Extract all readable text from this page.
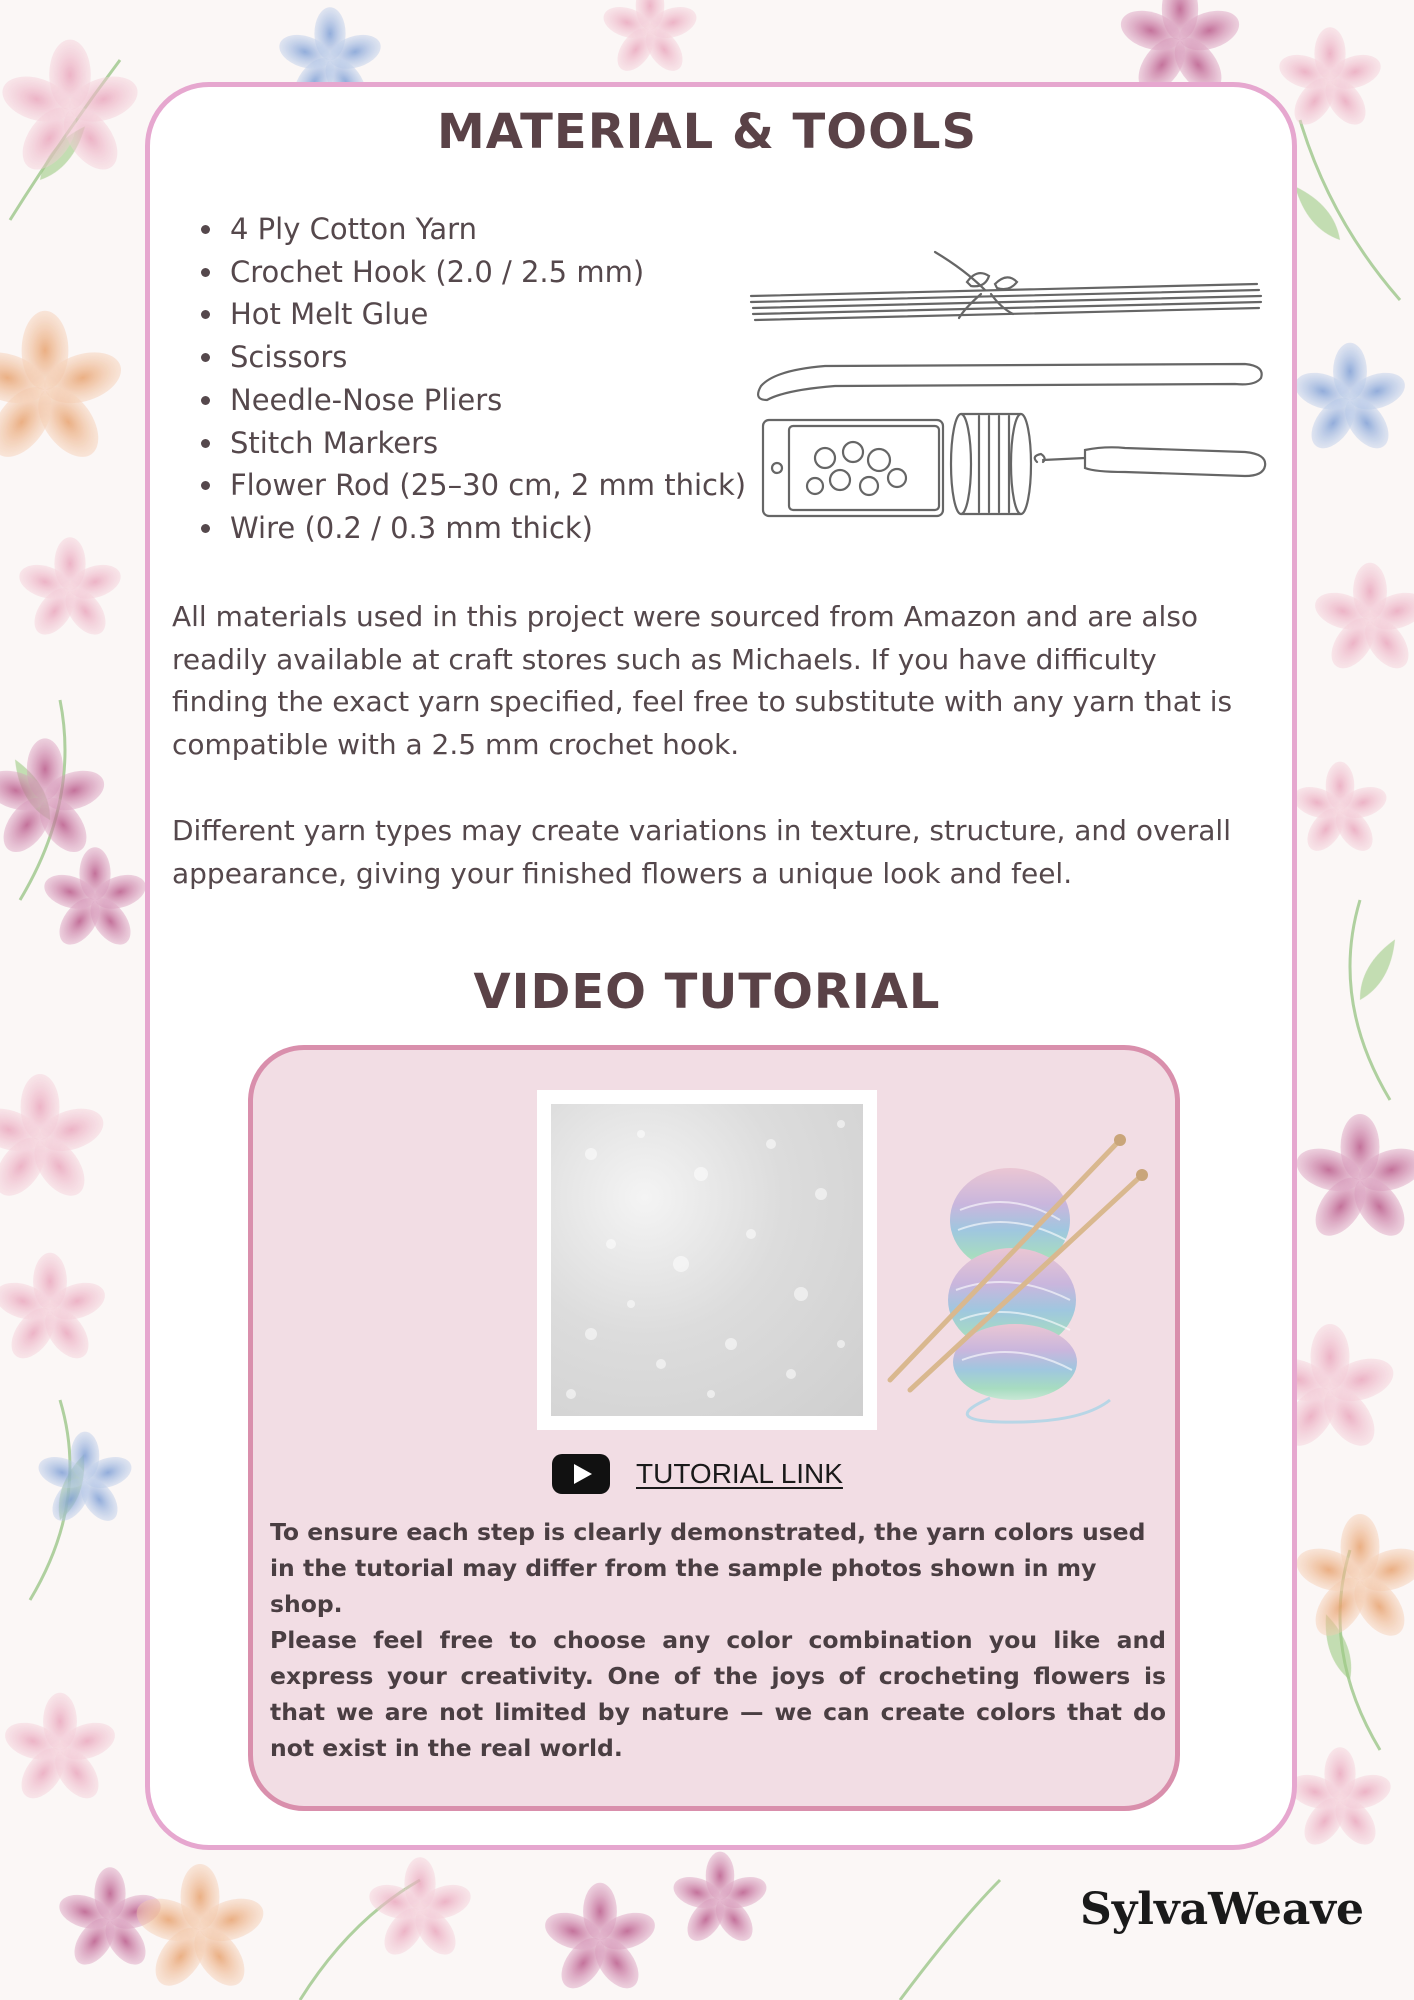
MATERIAL & TOOLS
• 4 Ply Cotton Yarn
• Crochet Hook (2.0 / 2.5 mm)
• Hot Melt Glue
• Scissors
• Needle-Nose Pliers
• Stitch Markers
• Flower Rod (25–30 cm, 2 mm thick)
• Wire (0.2 / 0.3 mm thick)

All materials used in this project were sourced from Amazon and are also readily available at craft stores such as Michaels. If you have difficulty finding the exact yarn specified, feel free to substitute with any yarn that is compatible with a 2.5 mm crochet hook.

Different yarn types may create variations in texture, structure, and overall appearance, giving your finished flowers a unique look and feel.

VIDEO TUTORIAL
TUTORIAL LINK

To ensure each step is clearly demonstrated, the yarn colors used in the tutorial may differ from the sample photos shown in my shop.

Please feel free to choose any color combination you like and express your creativity. One of the joys of crocheting flowers is that we are not limited by nature — we can create colors that do not exist in the real world.

SylvaWeave
